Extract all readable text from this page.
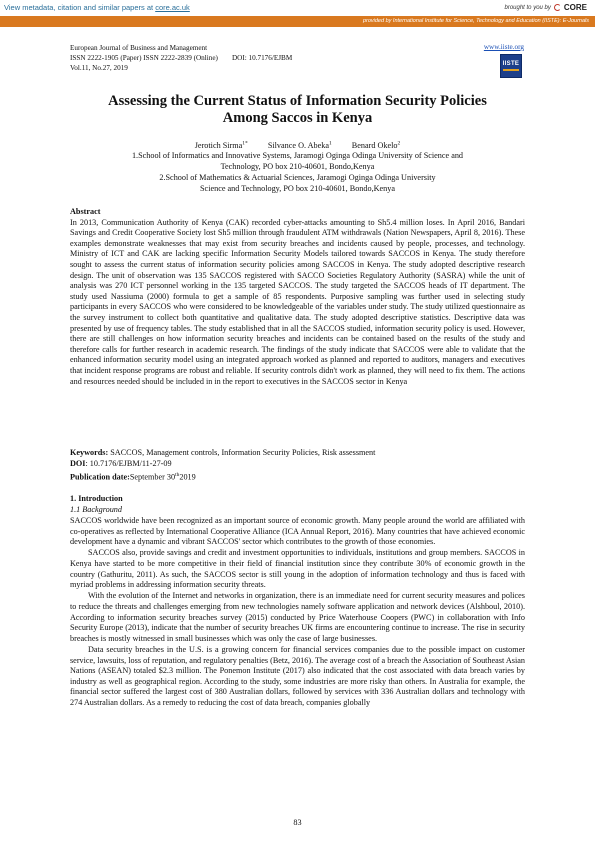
View metadata, citation and similar papers at core.ac.uk	brought to you by CORE
provided by International Institute for Science, Technology and Education (IISTE): E-Journals
European Journal of Business and Management
ISSN 2222-1905 (Paper) ISSN 2222-2839 (Online) DOI: 10.7176/EJBM
Vol.11, No.27, 2019
www.iiste.org
IISTE
Assessing the Current Status of Information Security Policies
Among Saccos in Kenya
Jerotich Sirma$^{1*}$ Silvance O. Abeka$^1$ Benard Okelo$^2$
1.School of Informatics and Innovative Systems, Jaramogi Oginga Odinga University of Science and
Technology, PO box 210-40601, Bondo,Kenya
2.School of Mathematics & Actuarial Sciences, Jaramogi Oginga Odinga University
Science and Technology, PO box 210-40601, Bondo,Kenya
Abstract
In 2013, Communication Authority of Kenya (CAK) recorded cyber-attacks amounting to Sh5.4 million loses. In April 2016, Bandari Savings and Credit Cooperative Society lost Sh5 million through fraudulent ATM withdrawals (Nation Newspapers, April 8, 2016). These examples demonstrate weaknesses that may exist from security breaches and incidents caused by people, processes, and technology. Ministry of ICT and CAK are lacking specific Information Security Models tailored towards SACCOS in Kenya. The study therefore sought to assess the current status of information security policies among SACCOS in Kenya. The study adopted descriptive research design. The unit of observation was 135 SACCOS registered with SACCO Societies Regulatory Authority (SASRA) while the unit of analysis was 270 ICT personnel working in the 135 targeted SACCOS. The study targeted the SACCOS heads of IT department. The study used Nassiuma (2000) formula to get a sample of 85 respondents. Purposive sampling was further used in selecting study participants in every SACCOS who were considered to be knowledgeable of the variables under study. The study utilized questionnaire as the survey instrument to collect both quantitative and qualitative data. The study adopted descriptive statistics. Descriptive data was presented by use of frequency tables. The study established that in all the SACCOS studied, information security policy is used. However, there are still challenges on how information security breaches and incidents can be contained based on the results of the study and therefore calls for further research in academic research. The findings of the study indicate that SACCOS were able to validate that the enhanced information security model using an integrated approach worked as planned and reported to auditors, managers and executives that incident response programs are robust and reliable. If security controls didn't work as planned, they will need to fix them. The actions and resources needed should be included in in the report to executives in the SACCOS sector in Kenya
Keywords: SACCOS, Management controls, Information Security Policies, Risk assessment
DOI: 10.7176/EJBM/11-27-09
Publication date:September 30th2019
1. Introduction
1.1 Background

SACCOS worldwide have been recognized as an important source of economic growth. Many people around the world are affiliated with co-operatives as reflected by International Cooperative Alliance (ICA Annual Report, 2016). Many countries that have achieved economic development have a dynamic and vibrant SACCOS' sector which contributes to the growth of those economies.

SACCOS also, provide savings and credit and investment opportunities to individuals, institutions and group members. SACCOS in Kenya have started to be more competitive in their field of financial institution since they contribute 30% of economic growth in the country (Gathuritu, 2011). As such, the SACCOS sector is still young in the adoption of information technology and thus is faced with myriad problems in addressing information security threats.

With the evolution of the Internet and networks in organization, there is an immediate need for current security measures and polices to reduce the threats and challenges emerging from new technologies namely software application and network devices (Alshboul, 2010). According to information security breaches survey (2015) conducted by Price Waterhouse Coopers (PWC) in collaboration with Info Security Europe (2013), indicate that the number of security breaches UK firms are encountering continue to increase. The rise in security breaches is mostly witnessed in small businesses which was only the case of large businesses.

Data security breaches in the U.S. is a growing concern for financial services companies due to the possible impact on customer service, lawsuits, loss of reputation, and regulatory penalties (Betz, 2016). The average cost of a breach the Association of Southeast Asian Nations (ASEAN) totaled $2.3 million. The Ponemon Institute (2017) also indicated that the cost associated with data breach varies by industry as well as geographical region. According to the study, some industries are more risky than others. In Australia for example, the financial sector suffered the largest cost of 380 Australian dollars, followed by services with 336 Australian dollars and technology with 274 Australian dollars. As a remedy to reducing the cost of data breach, companies globally

83
